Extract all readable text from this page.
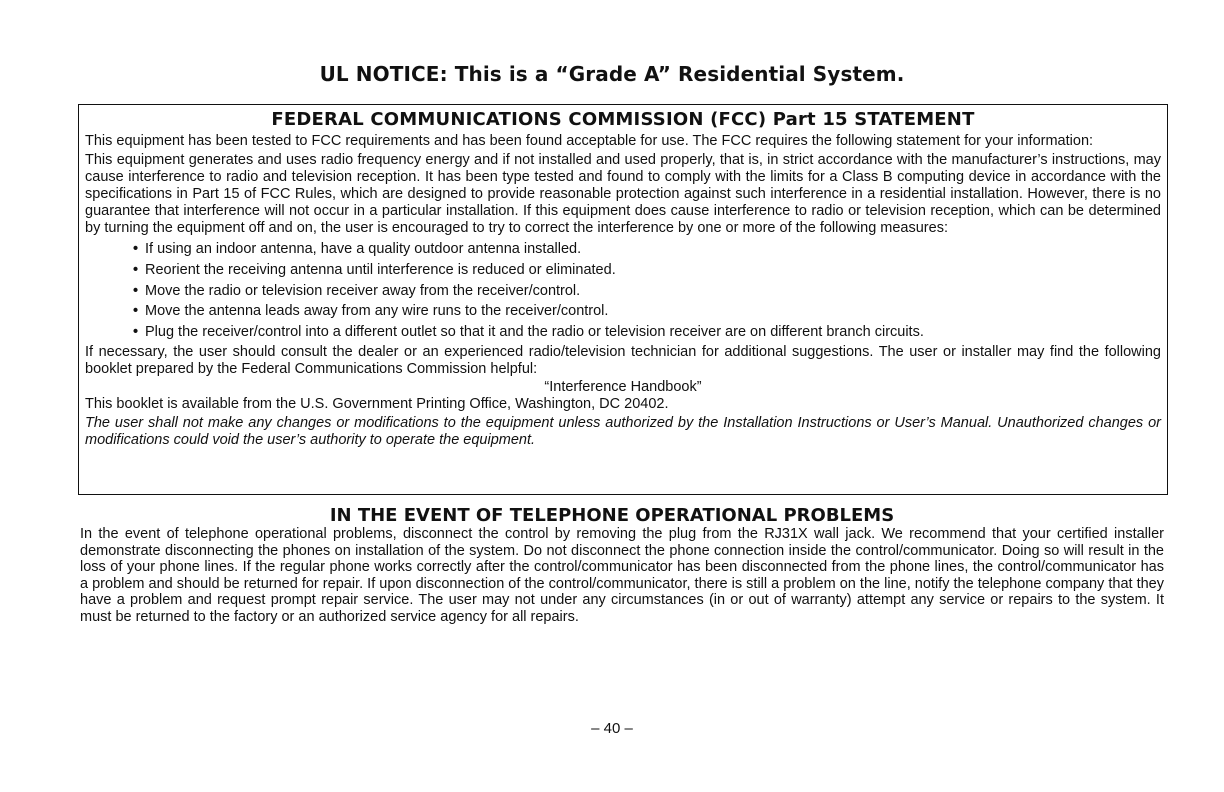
UL NOTICE: This is a “Grade A” Residential System.
FEDERAL COMMUNICATIONS COMMISSION (FCC) Part 15 STATEMENT

This equipment has been tested to FCC requirements and has been found acceptable for use. The FCC requires the following statement for your information:

This equipment generates and uses radio frequency energy and if not installed and used properly, that is, in strict accordance with the manufacturer’s instructions, may cause interference to radio and television reception. It has been type tested and found to comply with the limits for a Class B computing device in accordance with the specifications in Part 15 of FCC Rules, which are designed to provide reasonable protection against such interference in a residential installation. However, there is no guarantee that interference will not occur in a particular installation. If this equipment does cause interference to radio or television reception, which can be determined by turning the equipment off and on, the user is encouraged to try to correct the interference by one or more of the following measures:

• If using an indoor antenna, have a quality outdoor antenna installed.
• Reorient the receiving antenna until interference is reduced or eliminated.
• Move the radio or television receiver away from the receiver/control.
• Move the antenna leads away from any wire runs to the receiver/control.
• Plug the receiver/control into a different outlet so that it and the radio or television receiver are on different branch circuits.

If necessary, the user should consult the dealer or an experienced radio/television technician for additional suggestions. The user or installer may find the following booklet prepared by the Federal Communications Commission helpful:

“Interference Handbook”

This booklet is available from the U.S. Government Printing Office, Washington, DC 20402.

The user shall not make any changes or modifications to the equipment unless authorized by the Installation Instructions or User’s Manual. Unauthorized changes or modifications could void the user’s authority to operate the equipment.

IN THE EVENT OF TELEPHONE OPERATIONAL PROBLEMS

In the event of telephone operational problems, disconnect the control by removing the plug from the RJ31X wall jack. We recommend that your certified installer demonstrate disconnecting the phones on installation of the system. Do not disconnect the phone connection inside the control/communicator. Doing so will result in the loss of your phone lines. If the regular phone works correctly after the control/communicator has been disconnected from the phone lines, the control/communicator has a problem and should be returned for repair. If upon disconnection of the control/communicator, there is still a problem on the line, notify the telephone company that they have a problem and request prompt repair service. The user may not under any circumstances (in or out of warranty) attempt any service or repairs to the system. It must be returned to the factory or an authorized service agency for all repairs.

– 40 –
